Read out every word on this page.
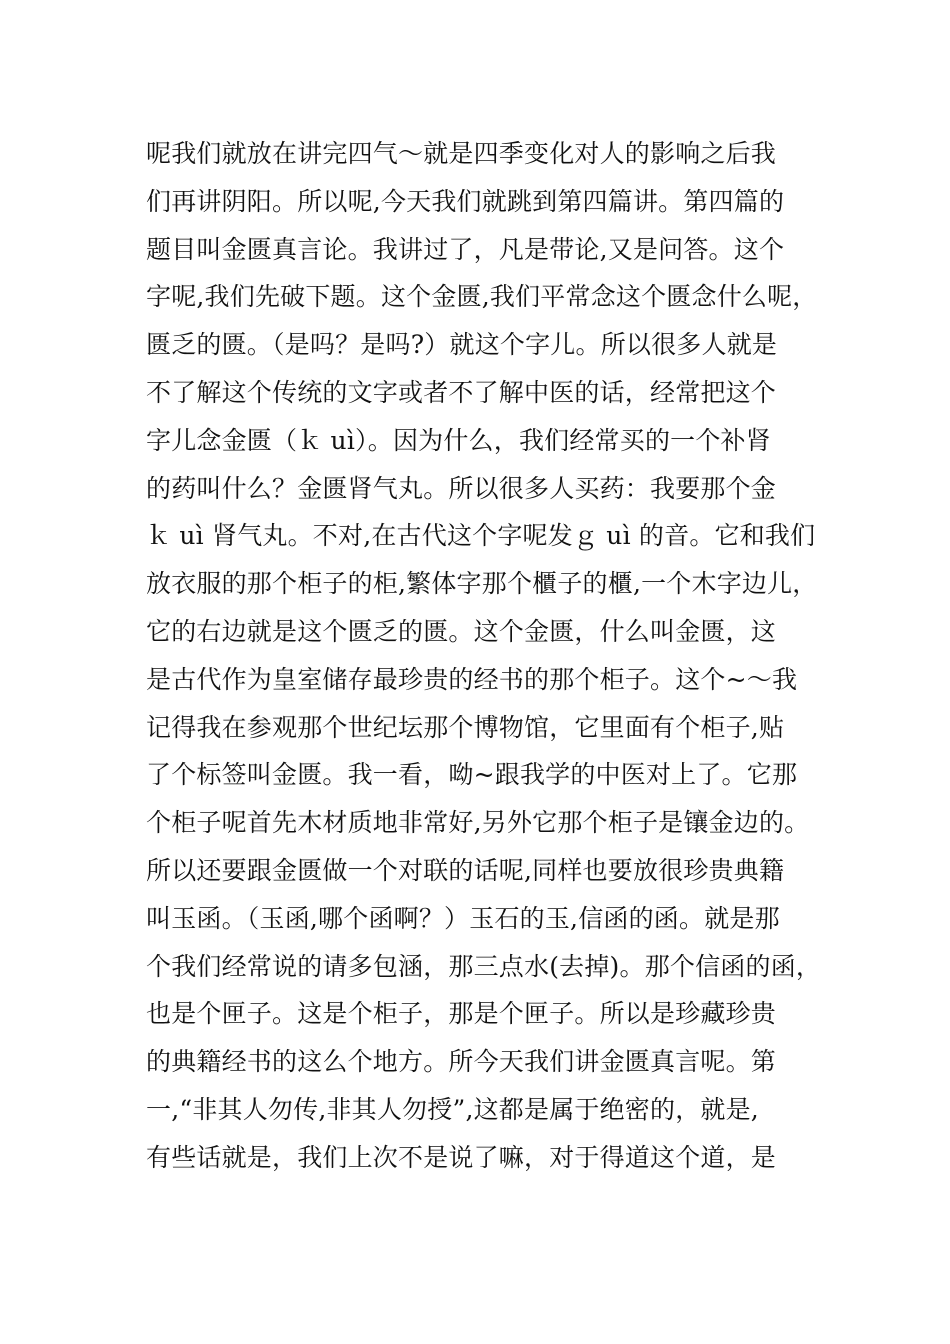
呢我们就放在讲完四气～就是四季变化对人的影响之后我
们再讲阴阳。所以呢,今天我们就跳到第四篇讲。第四篇的
题目叫金匮真言论。我讲过了，凡是带论,又是问答。这个
字呢,我们先破下题。这个金匮,我们平常念这个匮念什么呢，
匮乏的匮。（是吗？是吗?）就这个字儿。所以很多人就是
不了解这个传统的文字或者不了解中医的话，经常把这个
字儿念金匮（ｋ uì）。因为什么，我们经常买的一个补肾
的药叫什么？金匮肾气丸。所以很多人买药：我要那个金
ｋ uì 肾气丸。不对,在古代这个字呢发ｇ uì 的音。它和我们
放衣服的那个柜子的柜,繁体字那个櫃子的櫃,一个木字边儿，
它的右边就是这个匮乏的匮。这个金匮，什么叫金匮，这
是古代作为皇室储存最珍贵的经书的那个柜子。这个~～我
记得我在参观那个世纪坛那个博物馆，它里面有个柜子,贴
了个标签叫金匮。我一看，呦~跟我学的中医对上了。它那
个柜子呢首先木材质地非常好,另外它那个柜子是镶金边的。
所以还要跟金匮做一个对联的话呢,同样也要放很珍贵典籍
叫玉函。（玉函,哪个函啊？）玉石的玉,信函的函。就是那
个我们经常说的请多包涵，那三点水(去掉)。那个信函的函，
也是个匣子。这是个柜子，那是个匣子。所以是珍藏珍贵
的典籍经书的这么个地方。所今天我们讲金匮真言呢。第
一,“非其人勿传,非其人勿授”,这都是属于绝密的，就是,
有些话就是，我们上次不是说了嘛，对于得道这个道，是
